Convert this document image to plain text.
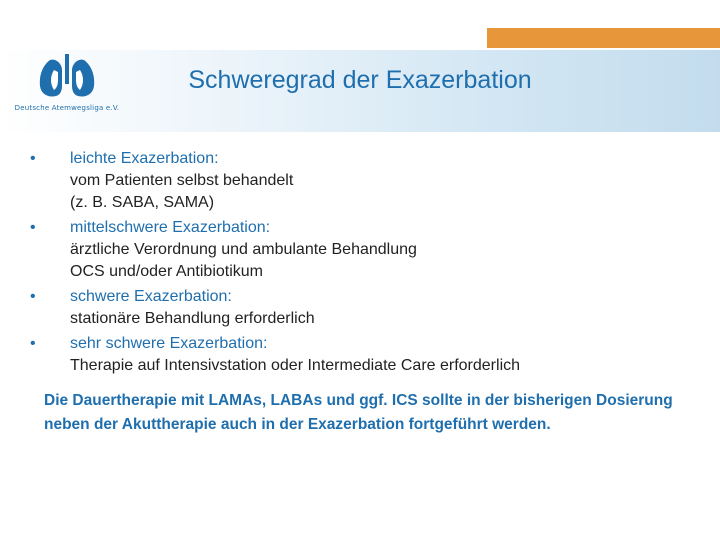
Deutsche Atemwegsliga e.V.
Schweregrad der Exazerbation
• leichte Exazerbation:
vom Patienten selbst behandelt
(z. B. SABA, SAMA)
• mittelschwere Exazerbation:
ärztliche Verordnung und ambulante Behandlung
OCS und/oder Antibiotikum
• schwere Exazerbation:
stationäre Behandlung erforderlich
• sehr schwere Exazerbation:
Therapie auf Intensivstation oder Intermediate Care erforderlich
Die Dauertherapie mit LAMAs, LABAs und ggf. ICS sollte in der bisherigen Dosierung neben der Akuttherapie auch in der Exazerbation fortgeführt werden.
